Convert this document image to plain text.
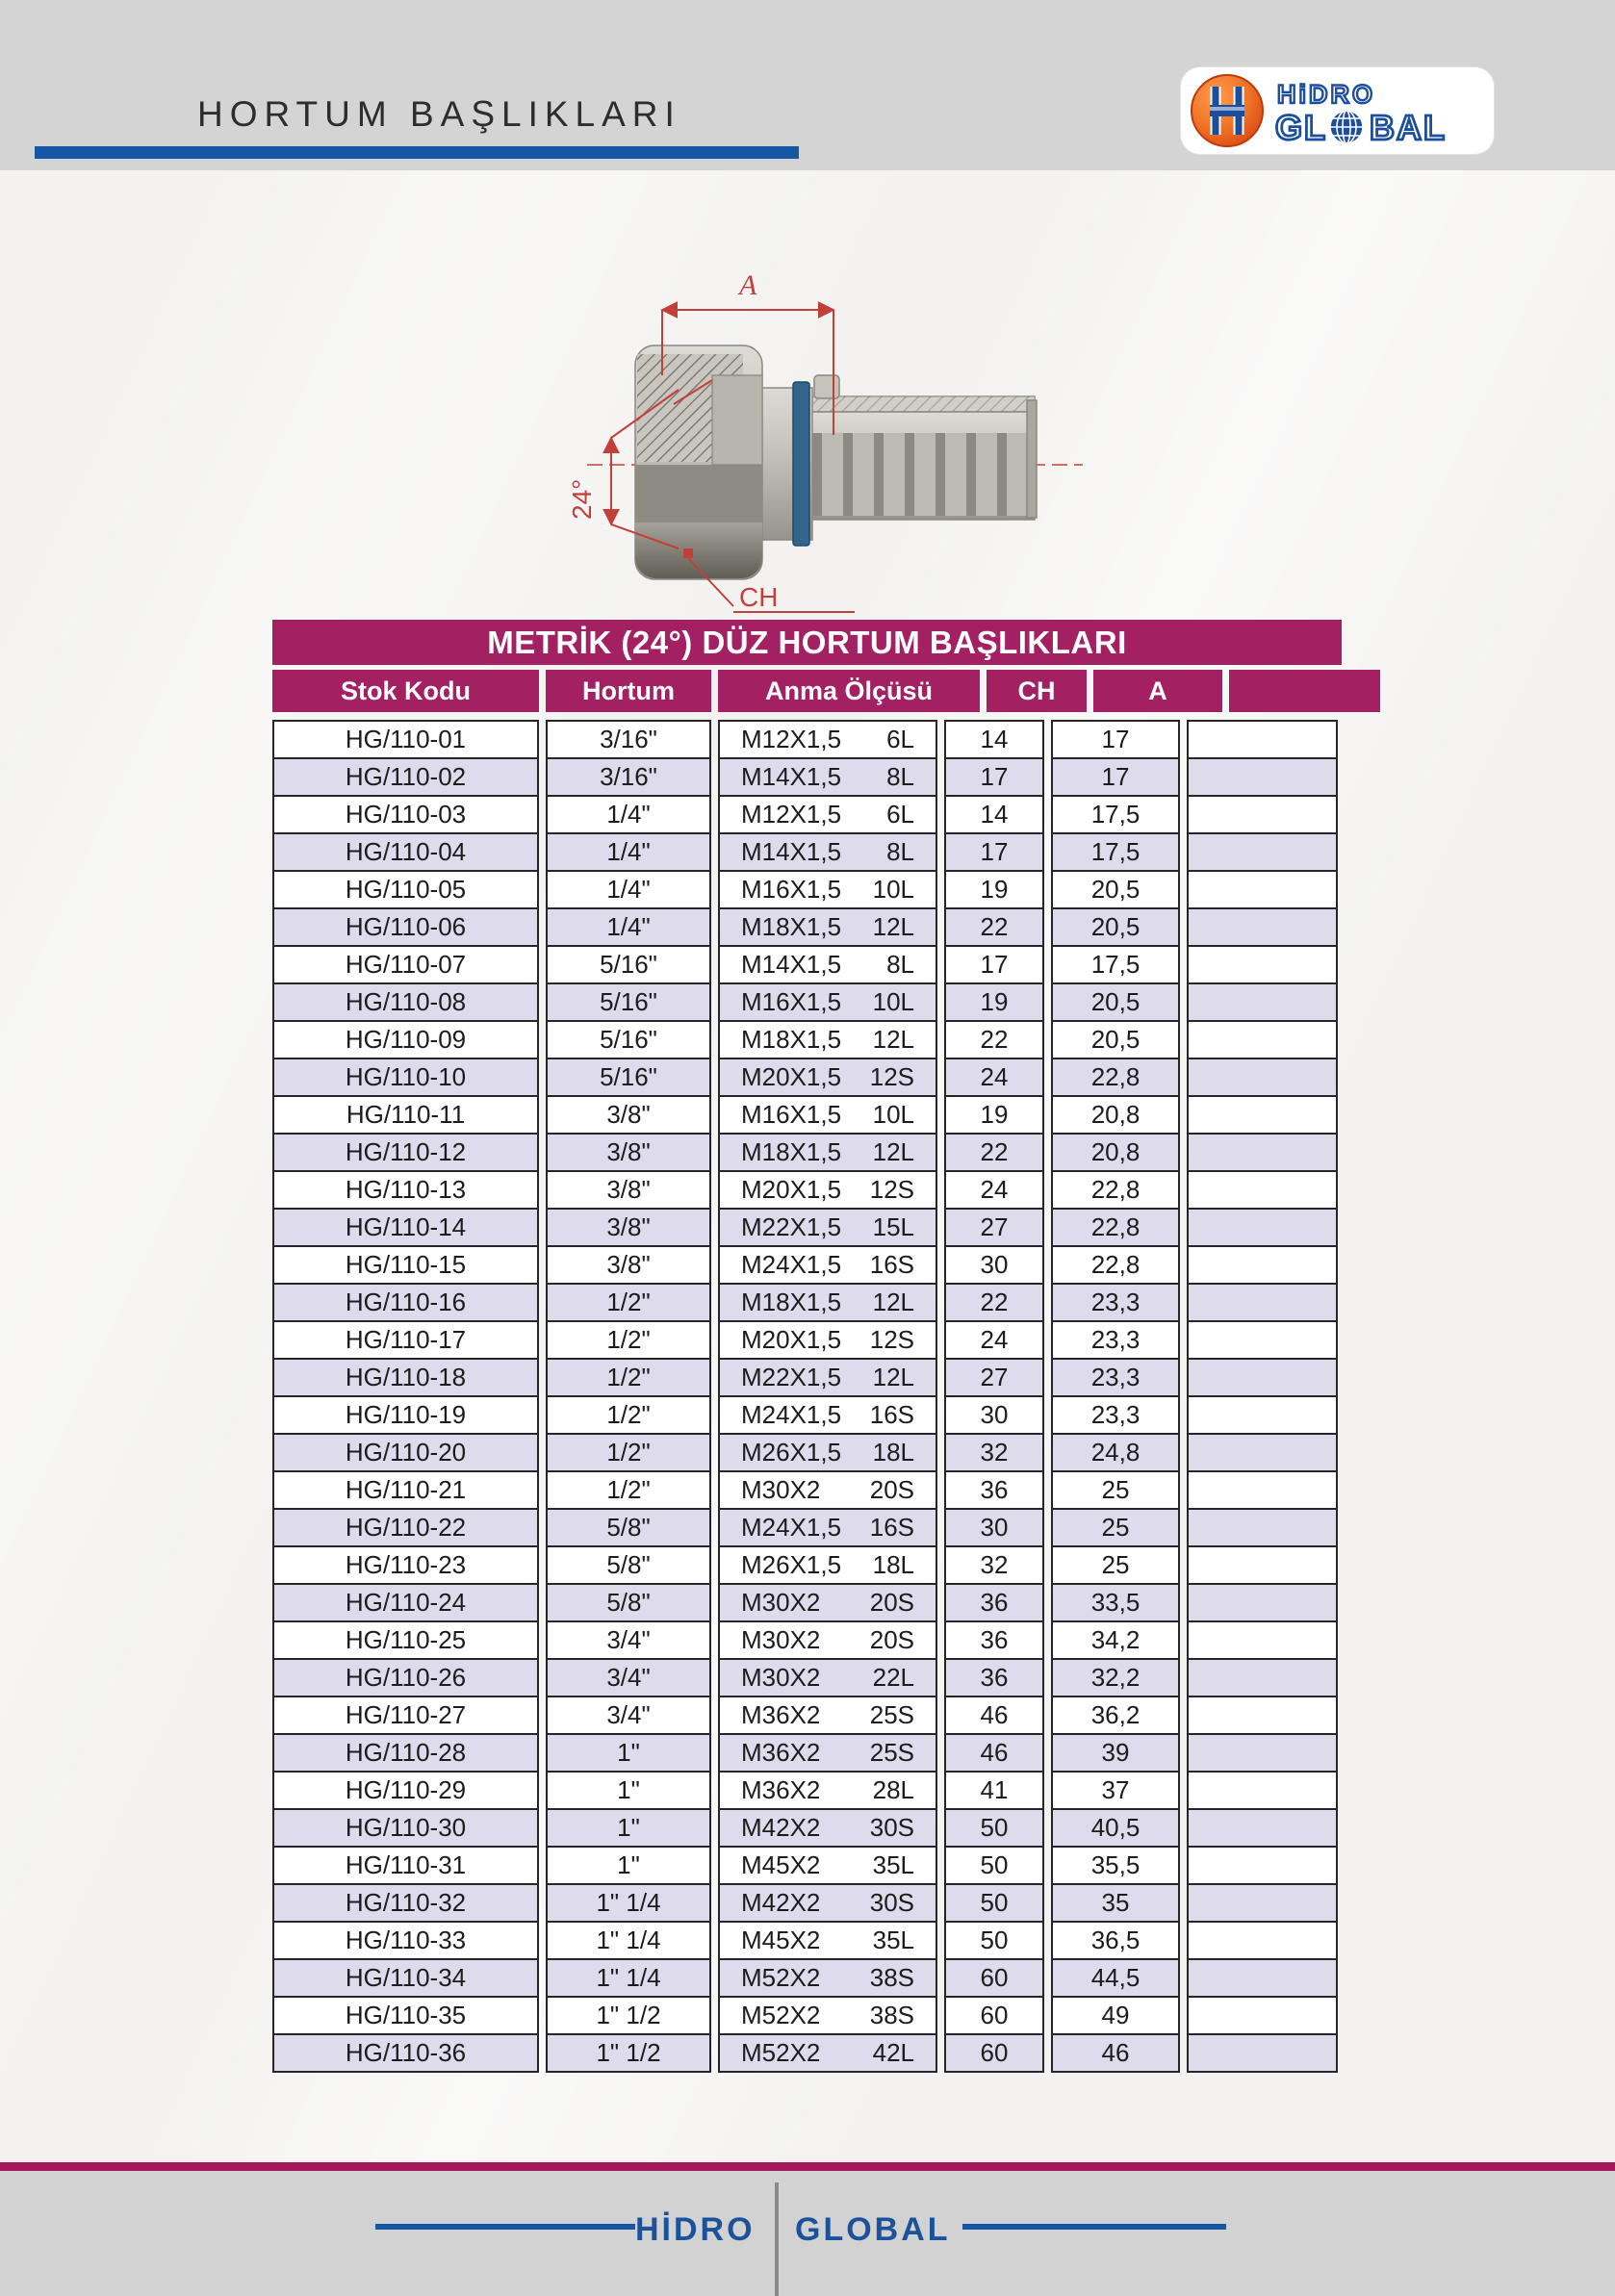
HORTUM BAŞLIKLARI	HiDRO
GL BAL
A
24°
CH
METRİK (24°) DÜZ HORTUM BAŞLIKLARI
Stok Kodu	Hortum	Anma Ölçüsü	CH	A
HG/110-01	3/16"	M12X1,5 6L	14	17
HG/110-02	3/16"	M14X1,5 8L	17	17
HG/110-03	1/4"	M12X1,5 6L	14	17,5
HG/110-04	1/4"	M14X1,5 8L	17	17,5
HG/110-05	1/4"	M16X1,5 10L	19	20,5
HG/110-06	1/4"	M18X1,5 12L	22	20,5
HG/110-07	5/16"	M14X1,5 8L	17	17,5
HG/110-08	5/16"	M16X1,5 10L	19	20,5
HG/110-09	5/16"	M18X1,5 12L	22	20,5
HG/110-10	5/16"	M20X1,5 12S	24	22,8
HG/110-11	3/8"	M16X1,5 10L	19	20,8
HG/110-12	3/8"	M18X1,5 12L	22	20,8
HG/110-13	3/8"	M20X1,5 12S	24	22,8
HG/110-14	3/8"	M22X1,5 15L	27	22,8
HG/110-15	3/8"	M24X1,5 16S	30	22,8
HG/110-16	1/2"	M18X1,5 12L	22	23,3
HG/110-17	1/2"	M20X1,5 12S	24	23,3
HG/110-18	1/2"	M22X1,5 12L	27	23,3
HG/110-19	1/2"	M24X1,5 16S	30	23,3
HG/110-20	1/2"	M26X1,5 18L	32	24,8
HG/110-21	1/2"	M30X2 20S	36	25
HG/110-22	5/8"	M24X1,5 16S	30	25
HG/110-23	5/8"	M26X1,5 18L	32	25
HG/110-24	5/8"	M30X2 20S	36	33,5
HG/110-25	3/4"	M30X2 20S	36	34,2
HG/110-26	3/4"	M30X2 22L	36	32,2
HG/110-27	3/4"	M36X2 25S	46	36,2
HG/110-28	1"	M36X2 25S	46	39
HG/110-29	1"	M36X2 28L	41	37
HG/110-30	1"	M42X2 30S	50	40,5
HG/110-31	1"	M45X2 35L	50	35,5
HG/110-32	1" 1/4	M42X2 30S	50	35
HG/110-33	1" 1/4	M45X2 35L	50	36,5
HG/110-34	1" 1/4	M52X2 38S	60	44,5
HG/110-35	1" 1/2	M52X2 38S	60	49
HG/110-36	1" 1/2	M52X2 42L	60	46
HİDRO GLOBAL
